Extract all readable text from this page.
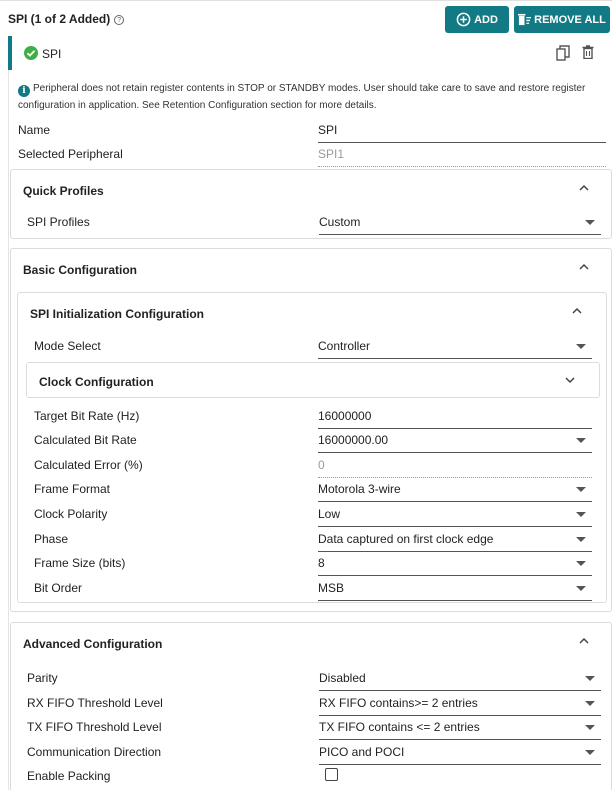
SPI (1 of 2 Added) ?	ADD	REMOVE ALL
SPI
i Peripheral does not retain register contents in STOP or STANDBY modes. User should take care to save and restore register configuration in application. See Retention Configuration section for more details.
Name	SPI
Selected Peripheral	SPI1
Quick Profiles
SPI Profiles	Custom
Basic Configuration
SPI Initialization Configuration
Mode Select	Controller
Clock Configuration
Target Bit Rate (Hz)	16000000
Calculated Bit Rate	16000000.00
Calculated Error (%)	0
Frame Format	Motorola 3-wire
Clock Polarity	Low
Phase	Data captured on first clock edge
Frame Size (bits)	8
Bit Order	MSB
Advanced Configuration
Parity	Disabled
RX FIFO Threshold Level	RX FIFO contains>= 2 entries
TX FIFO Threshold Level	TX FIFO contains <= 2 entries
Communication Direction	PICO and POCI
Enable Packing
